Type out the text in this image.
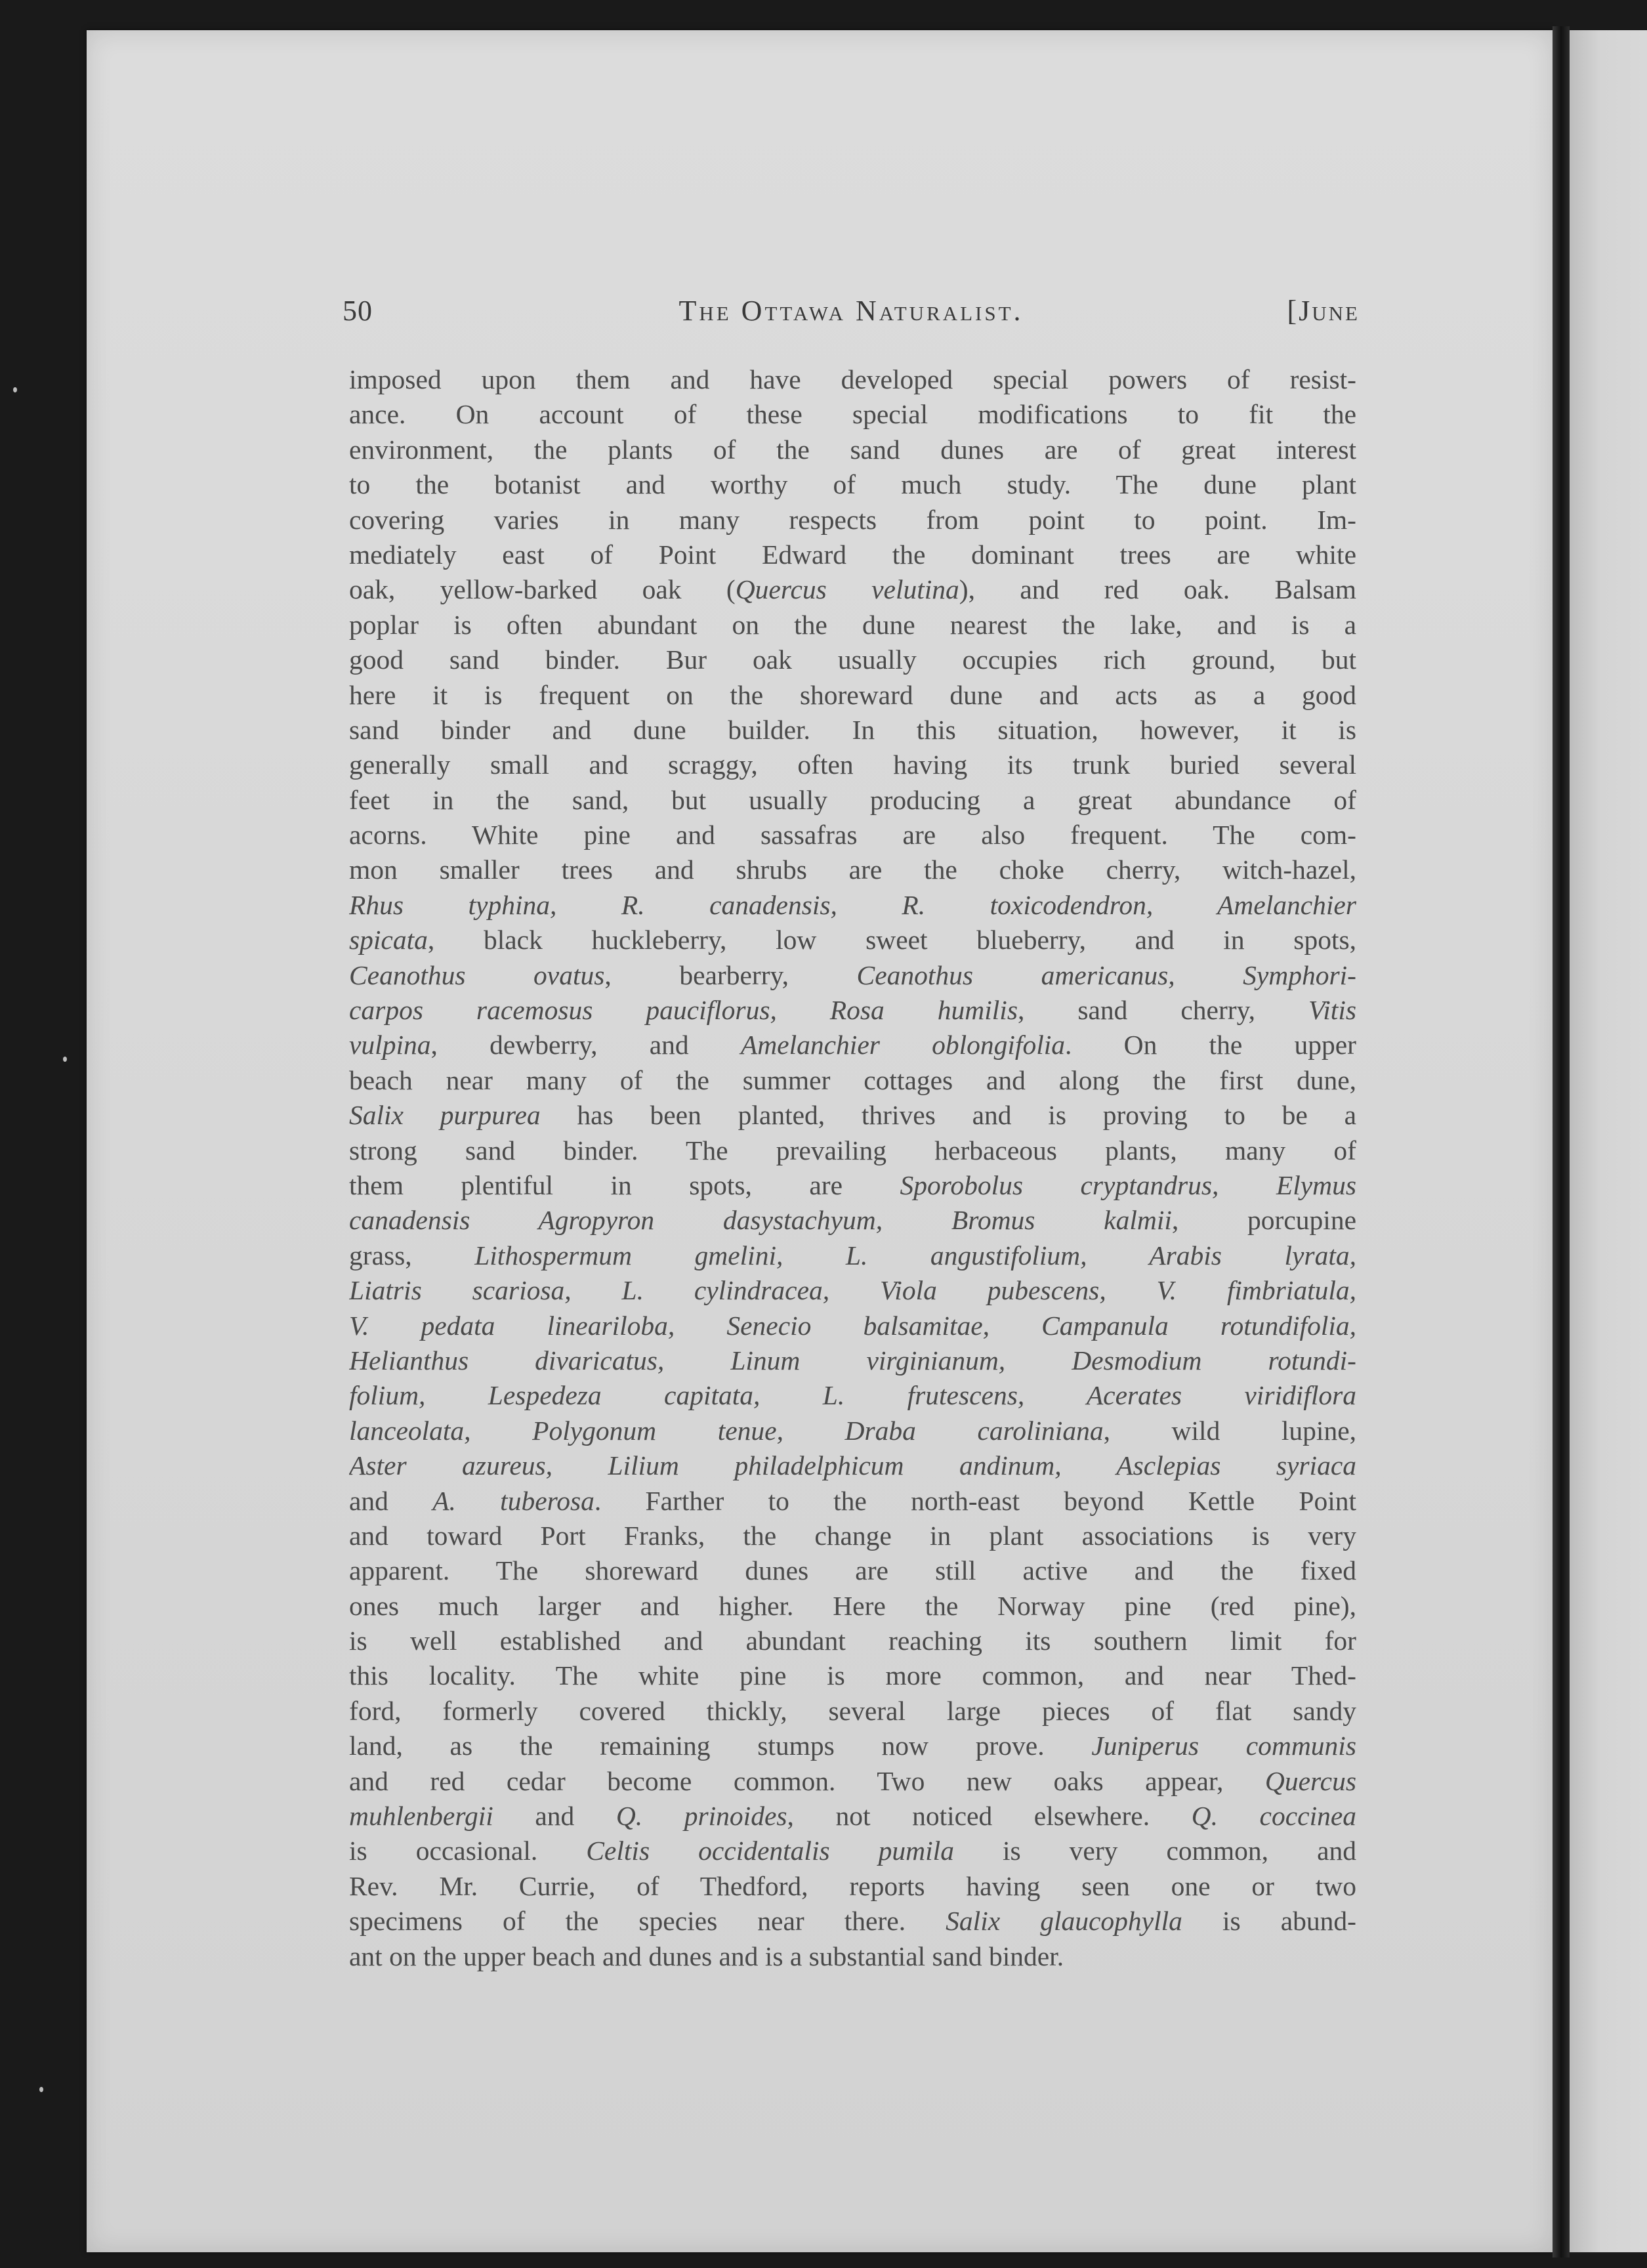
50	The Ottawa Naturalist.	[June
imposed upon them and have developed special powers of resist-
ance. On account of these special modifications to fit the
environment, the plants of the sand dunes are of great interest
to the botanist and worthy of much study. The dune plant
covering varies in many respects from point to point. Im-
mediately east of Point Edward the dominant trees are white
oak, yellow-barked oak (Quercus velutina), and red oak. Balsam
poplar is often abundant on the dune nearest the lake, and is a
good sand binder. Bur oak usually occupies rich ground, but
here it is frequent on the shoreward dune and acts as a good
sand binder and dune builder. In this situation, however, it is
generally small and scraggy, often having its trunk buried several
feet in the sand, but usually producing a great abundance of
acorns. White pine and sassafras are also frequent. The com-
mon smaller trees and shrubs are the choke cherry, witch-hazel,
Rhus typhina, R. canadensis, R. toxicodendron, Amelanchier
spicata, black huckleberry, low sweet blueberry, and in spots,
Ceanothus ovatus, bearberry, Ceanothus americanus, Symphori-
carpos racemosus pauciflorus, Rosa humilis, sand cherry, Vitis
vulpina, dewberry, and Amelanchier oblongifolia. On the upper
beach near many of the summer cottages and along the first dune,
Salix purpurea has been planted, thrives and is proving to be a
strong sand binder. The prevailing herbaceous plants, many of
them plentiful in spots, are Sporobolus cryptandrus, Elymus
canadensis Agropyron dasystachyum, Bromus kalmii, porcupine
grass, Lithospermum gmelini, L. angustifolium, Arabis lyrata,
Liatris scariosa, L. cylindracea, Viola pubescens, V. fimbriatula,
V. pedata lineariloba, Senecio balsamitae, Campanula rotundifolia,
Helianthus divaricatus, Linum virginianum, Desmodium rotundi-
folium, Lespedeza capitata, L. frutescens, Acerates viridiflora
lanceolata, Polygonum tenue, Draba caroliniana, wild lupine,
Aster azureus, Lilium philadelphicum andinum, Asclepias syriaca
and A. tuberosa. Farther to the north-east beyond Kettle Point
and toward Port Franks, the change in plant associations is very
apparent. The shoreward dunes are still active and the fixed
ones much larger and higher. Here the Norway pine (red pine),
is well established and abundant reaching its southern limit for
this locality. The white pine is more common, and near Thed-
ford, formerly covered thickly, several large pieces of flat sandy
land, as the remaining stumps now prove. Juniperus communis
and red cedar become common. Two new oaks appear, Quercus
muhlenbergii and Q. prinoides, not noticed elsewhere. Q. coccinea
is occasional. Celtis occidentalis pumila is very common, and
Rev. Mr. Currie, of Thedford, reports having seen one or two
specimens of the species near there. Salix glaucophylla is abund-
ant on the upper beach and dunes and is a substantial sand binder.
